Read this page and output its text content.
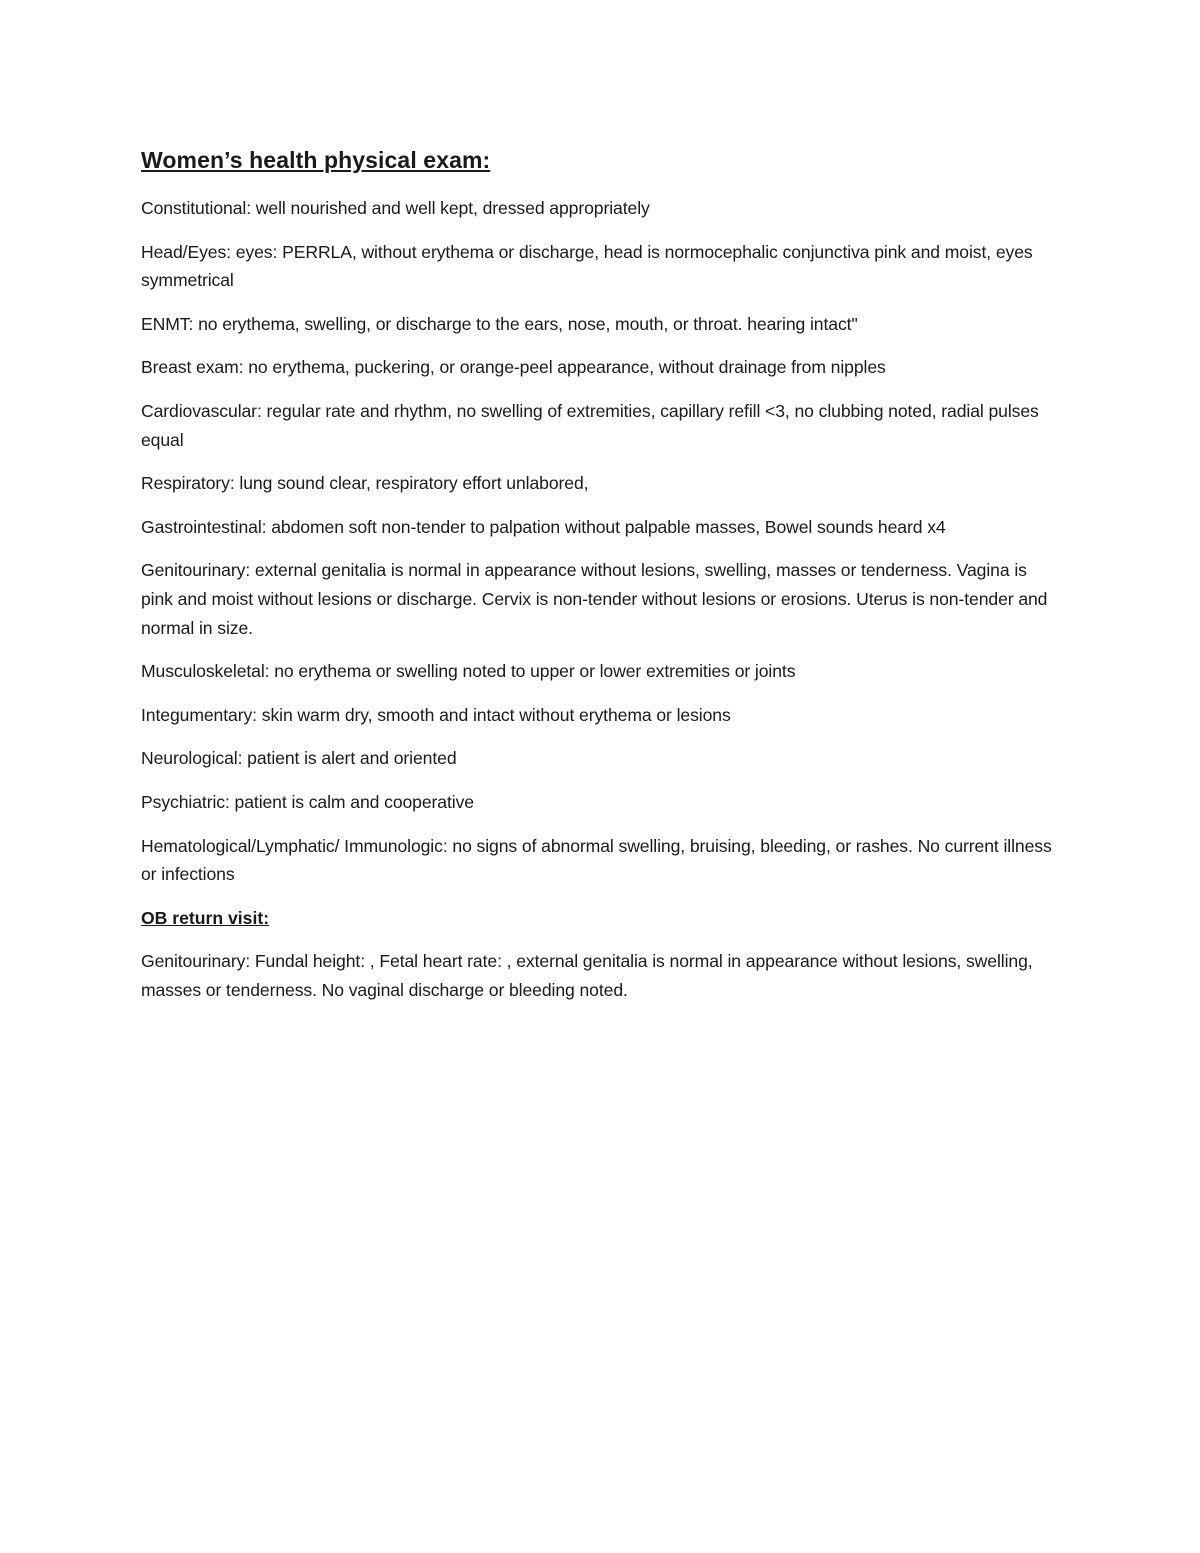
Women’s health physical exam:

Constitutional: well nourished and well kept, dressed appropriately

Head/Eyes: eyes: PERRLA, without erythema or discharge, head is normocephalic conjunctiva pink and moist, eyes symmetrical

ENMT: no erythema, swelling, or discharge to the ears, nose, mouth, or throat. hearing intact"

Breast exam: no erythema, puckering, or orange-peel appearance, without drainage from nipples

Cardiovascular: regular rate and rhythm, no swelling of extremities, capillary refill <3, no clubbing noted, radial pulses equal

Respiratory: lung sound clear, respiratory effort unlabored,

Gastrointestinal: abdomen soft non-tender to palpation without palpable masses, Bowel sounds heard x4

Genitourinary: external genitalia is normal in appearance without lesions, swelling, masses or tenderness. Vagina is pink and moist without lesions or discharge. Cervix is non-tender without lesions or erosions. Uterus is non-tender and normal in size.

Musculoskeletal: no erythema or swelling noted to upper or lower extremities or joints

Integumentary: skin warm dry, smooth and intact without erythema or lesions

Neurological: patient is alert and oriented

Psychiatric: patient is calm and cooperative

Hematological/Lymphatic/ Immunologic: no signs of abnormal swelling, bruising, bleeding, or rashes. No current illness or infections

OB return visit:

Genitourinary: Fundal height: , Fetal heart rate: , external genitalia is normal in appearance without lesions, swelling, masses or tenderness. No vaginal discharge or bleeding noted.
